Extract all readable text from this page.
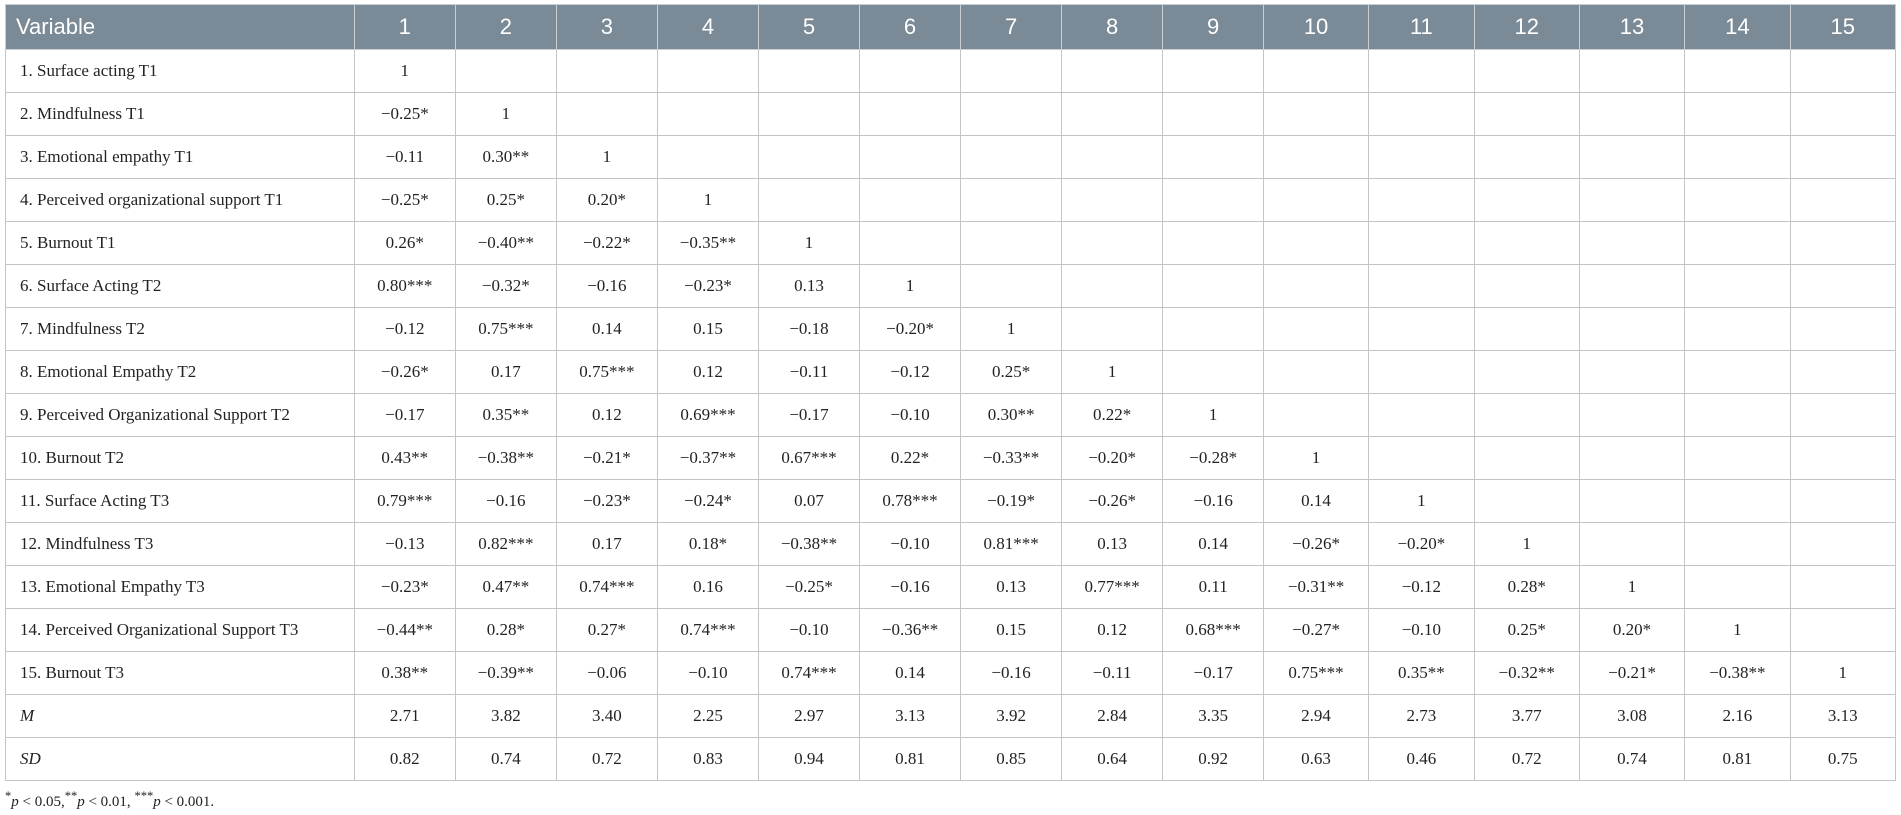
Variable	1	2	3	4	5	6	7	8	9	10	11	12	13	14	15
1. Surface acting T1	1														
2. Mindfulness T1	−0.25*	1													
3. Emotional empathy T1	−0.11	0.30**	1												
4. Perceived organizational support T1	−0.25*	0.25*	0.20*	1											
5. Burnout T1	0.26*	−0.40**	−0.22*	−0.35**	1										
6. Surface Acting T2	0.80***	−0.32*	−0.16	−0.23*	0.13	1									
7. Mindfulness T2	−0.12	0.75***	0.14	0.15	−0.18	−0.20*	1								
8. Emotional Empathy T2	−0.26*	0.17	0.75***	0.12	−0.11	−0.12	0.25*	1							
9. Perceived Organizational Support T2	−0.17	0.35**	0.12	0.69***	−0.17	−0.10	0.30**	0.22*	1						
10. Burnout T2	0.43**	−0.38**	−0.21*	−0.37**	0.67***	0.22*	−0.33**	−0.20*	−0.28*	1					
11. Surface Acting T3	0.79***	−0.16	−0.23*	−0.24*	0.07	0.78***	−0.19*	−0.26*	−0.16	0.14	1				
12. Mindfulness T3	−0.13	0.82***	0.17	0.18*	−0.38**	−0.10	0.81***	0.13	0.14	−0.26*	−0.20*	1			
13. Emotional Empathy T3	−0.23*	0.47**	0.74***	0.16	−0.25*	−0.16	0.13	0.77***	0.11	−0.31**	−0.12	0.28*	1		
14. Perceived Organizational Support T3	−0.44**	0.28*	0.27*	0.74***	−0.10	−0.36**	0.15	0.12	0.68***	−0.27*	−0.10	0.25*	0.20*	1	
15. Burnout T3	0.38**	−0.39**	−0.06	−0.10	0.74***	0.14	−0.16	−0.11	−0.17	0.75***	0.35**	−0.32**	−0.21*	−0.38**	1
M	2.71	3.82	3.40	2.25	2.97	3.13	3.92	2.84	3.35	2.94	2.73	3.77	3.08	2.16	3.13
SD	0.82	0.74	0.72	0.83	0.94	0.81	0.85	0.64	0.92	0.63	0.46	0.72	0.74	0.81	0.75
*p < 0.05,**p < 0.01, ***p < 0.001.
